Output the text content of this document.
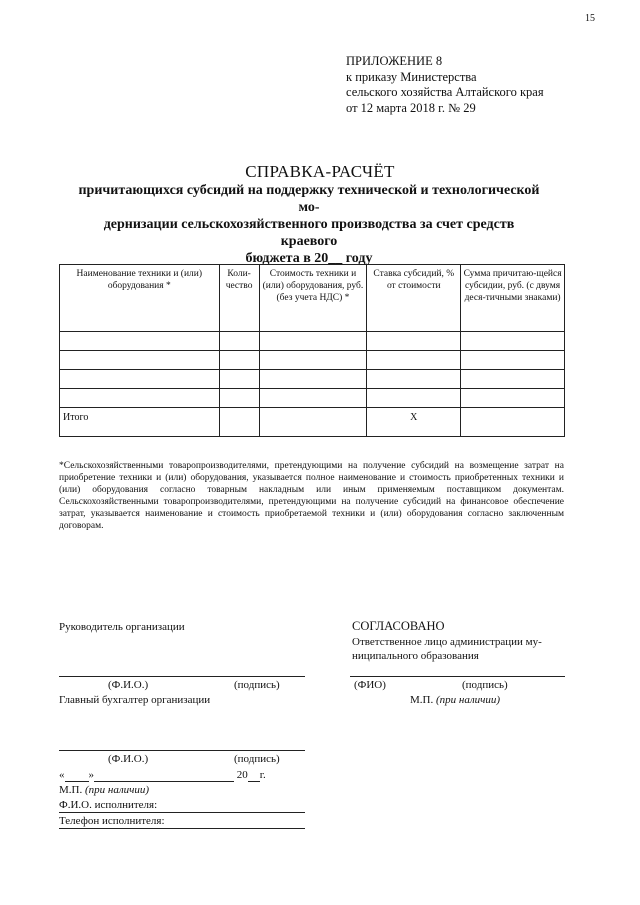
15
ПРИЛОЖЕНИЕ 8
к приказу Министерства
сельского хозяйства Алтайского края
от 12 марта 2018 г. № 29
СПРАВКА-РАСЧЁТ
причитающихся субсидий на поддержку технической и технологической мо-
дернизации сельскохозяйственного производства за счет средств краевого
бюджета в 20__ году
Наименование техники и (или) оборудования *	Коли-чество	Стоимость техники и (или) оборудования, руб. (без учета НДС) *	Ставка субсидий, % от стоимости	Сумма причитаю-щейся субсидии, руб. (с двумя деся-тичными знаками)

Итого			X	
*Сельскохозяйственными товаропроизводителями, претендующими на получение субсидий на возмещение затрат на приобретение техники и (или) оборудования, указывается полное наименование и стоимость приобретенных техники и (или) оборудования согласно товарным накладным или иным применяемым поставщиком документам. Сельскохозяйственными товаропроизводителями, претендующими на получение субсидий на финансовое обеспечение затрат, указывается наименование и стоимость приобретаемой техники и (или) оборудования согласно заключенным договорам.
Руководитель организации
(Ф.И.О.)	(подпись)
Главный бухгалтер организации
(Ф.И.О.)	(подпись)
« »	20 г.
М.П. (при наличии)
Ф.И.О. исполнителя:
Телефон исполнителя:
СОГЛАСОВАНО
Ответственное лицо администрации му-
ниципального образования
(ФИО)	(подпись)
М.П. (при наличии)
